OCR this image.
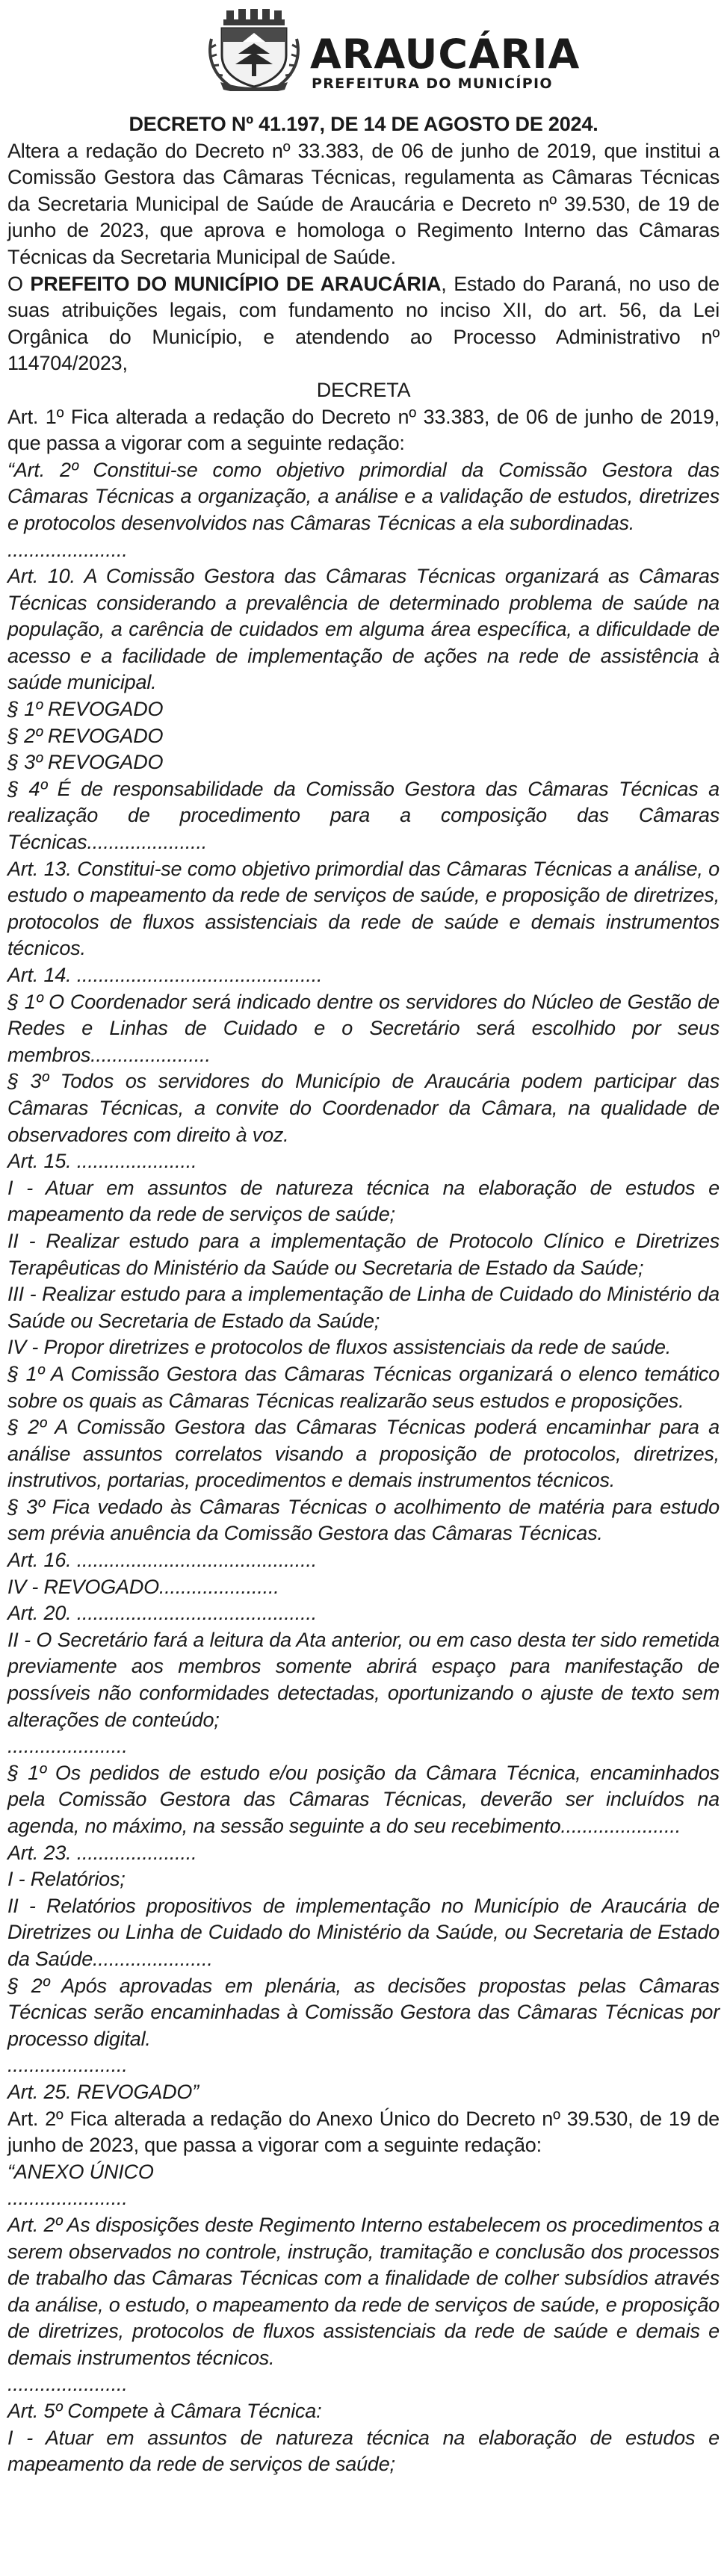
ARAUCÁRIA
PREFEITURA DO MUNICÍPIO
DECRETO Nº 41.197, DE 14 DE AGOSTO DE 2024.

Altera a redação do Decreto nº 33.383, de 06 de junho de 2019, que institui a Comissão Gestora das Câmaras Técnicas, regulamenta as Câmaras Técnicas da Secretaria Municipal de Saúde de Araucária e Decreto nº 39.530, de 19 de junho de 2023, que aprova e homologa o Regimento Interno das Câmaras Técnicas da Secretaria Municipal de Saúde.

O PREFEITO DO MUNICÍPIO DE ARAUCÁRIA, Estado do Paraná, no uso de suas atribuições legais, com fundamento no inciso XII, do art. 56, da Lei Orgânica do Município, e atendendo ao Processo Administrativo nº 114704/2023,

DECRETA

Art. 1º Fica alterada a redação do Decreto nº 33.383, de 06 de junho de 2019, que passa a vigorar com a seguinte redação:

“Art. 2º Constitui-se como objetivo primordial da Comissão Gestora das Câmaras Técnicas a organização, a análise e a validação de estudos, diretrizes e protocolos desenvolvidos nas Câmaras Técnicas a ela subordinadas.

......................

Art. 10. A Comissão Gestora das Câmaras Técnicas organizará as Câmaras Técnicas considerando a prevalência de determinado problema de saúde na população, a carência de cuidados em alguma área específica, a dificuldade de acesso e a facilidade de implementação de ações na rede de assistência à saúde municipal.

§ 1º REVOGADO

§ 2º REVOGADO

§ 3º REVOGADO

§ 4º É de responsabilidade da Comissão Gestora das Câmaras Técnicas a realização de procedimento para a composição das Câmaras Técnicas......................

Art. 13. Constitui-se como objetivo primordial das Câmaras Técnicas a análise, o estudo o mapeamento da rede de serviços de saúde, e proposição de diretrizes, protocolos de fluxos assistenciais da rede de saúde e demais instrumentos técnicos.

Art. 14. .............................................

§ 1º O Coordenador será indicado dentre os servidores do Núcleo de Gestão de Redes e Linhas de Cuidado e o Secretário será escolhido por seus membros......................

§ 3º Todos os servidores do Município de Araucária podem participar das Câmaras Técnicas, a convite do Coordenador da Câmara, na qualidade de observadores com direito à voz.

Art. 15. ......................

I - Atuar em assuntos de natureza técnica na elaboração de estudos e mapeamento da rede de serviços de saúde;

II - Realizar estudo para a implementação de Protocolo Clínico e Diretrizes Terapêuticas do Ministério da Saúde ou Secretaria de Estado da Saúde;

III - Realizar estudo para a implementação de Linha de Cuidado do Ministério da Saúde ou Secretaria de Estado da Saúde;

IV - Propor diretrizes e protocolos de fluxos assistenciais da rede de saúde.

§ 1º A Comissão Gestora das Câmaras Técnicas organizará o elenco temático sobre os quais as Câmaras Técnicas realizarão seus estudos e proposições.

§ 2º A Comissão Gestora das Câmaras Técnicas poderá encaminhar para a análise assuntos correlatos visando a proposição de protocolos, diretrizes, instrutivos, portarias, procedimentos e demais instrumentos técnicos.

§ 3º Fica vedado às Câmaras Técnicas o acolhimento de matéria para estudo sem prévia anuência da Comissão Gestora das Câmaras Técnicas.

Art. 16. ............................................

IV - REVOGADO......................

Art. 20. ............................................

II - O Secretário fará a leitura da Ata anterior, ou em caso desta ter sido remetida previamente aos membros somente abrirá espaço para manifestação de possíveis não conformidades detectadas, oportunizando o ajuste de texto sem alterações de conteúdo;

......................

§ 1º Os pedidos de estudo e/ou posição da Câmara Técnica, encaminhados pela Comissão Gestora das Câmaras Técnicas, deverão ser incluídos na agenda, no máximo, na sessão seguinte a do seu recebimento......................

Art. 23. ......................

I - Relatórios;

II - Relatórios propositivos de implementação no Município de Araucária de Diretrizes ou Linha de Cuidado do Ministério da Saúde, ou Secretaria de Estado da Saúde......................

§ 2º Após aprovadas em plenária, as decisões propostas pelas Câmaras Técnicas serão encaminhadas à Comissão Gestora das Câmaras Técnicas por processo digital.

......................

Art. 25. REVOGADO”

Art. 2º Fica alterada a redação do Anexo Único do Decreto nº 39.530, de 19 de junho de 2023, que passa a vigorar com a seguinte redação:

“ANEXO ÚNICO

......................

Art. 2º As disposições deste Regimento Interno estabelecem os procedimentos a serem observados no controle, instrução, tramitação e conclusão dos processos de trabalho das Câmaras Técnicas com a finalidade de colher subsídios através da análise, o estudo, o mapeamento da rede de serviços de saúde, e proposição de diretrizes, protocolos de fluxos assistenciais da rede de saúde e demais e demais instrumentos técnicos.

......................

Art. 5º Compete à Câmara Técnica:

I - Atuar em assuntos de natureza técnica na elaboração de estudos e mapeamento da rede de serviços de saúde;
